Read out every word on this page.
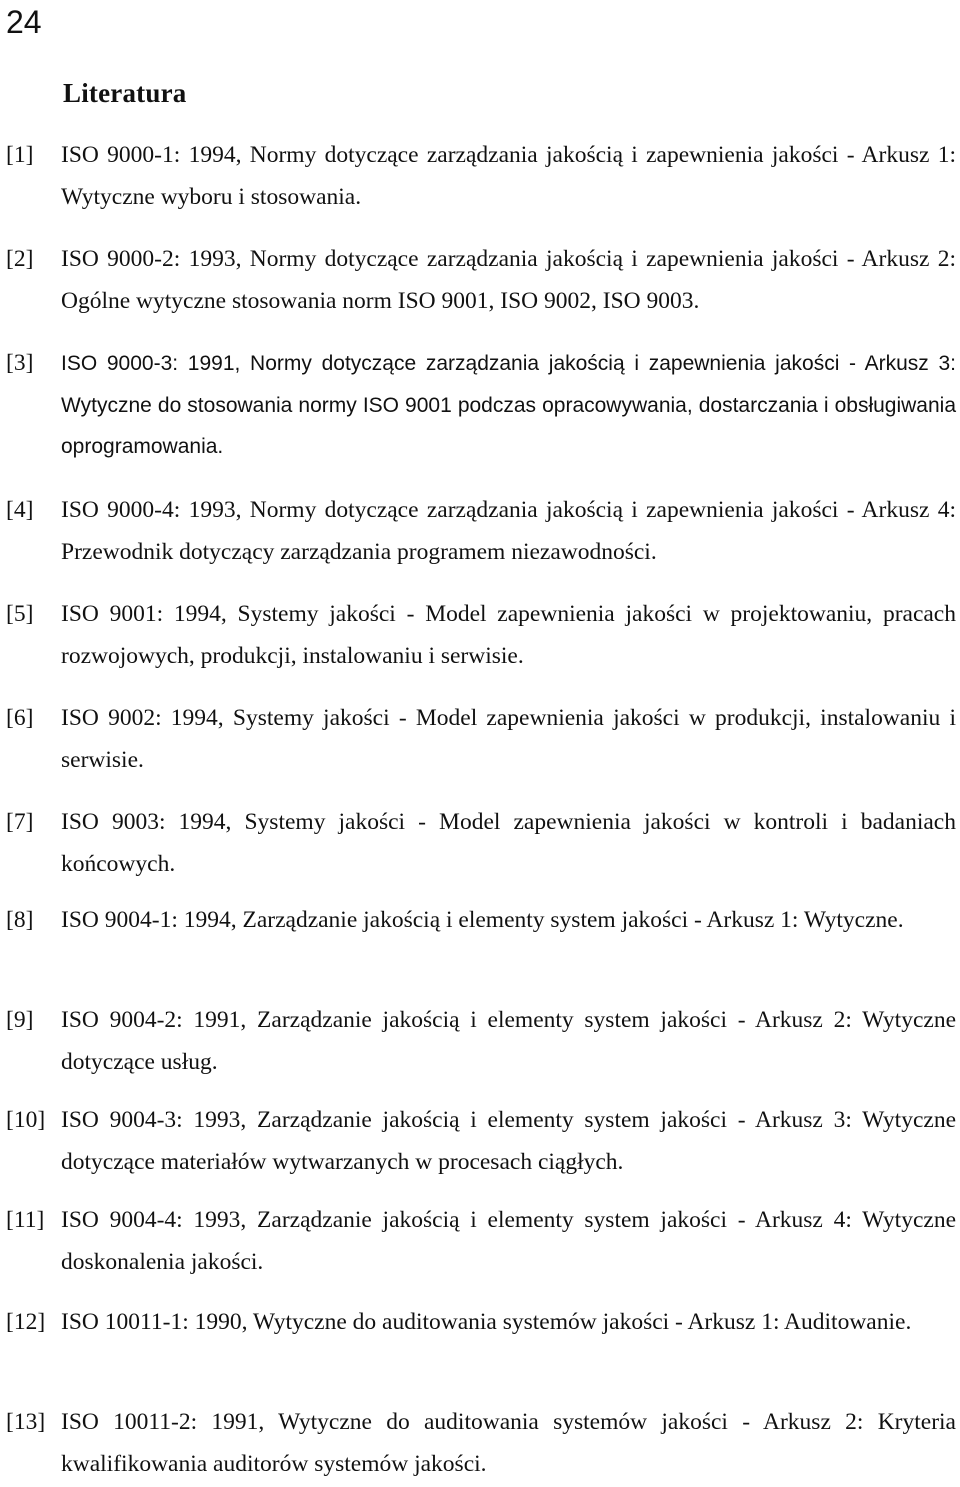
24
Literatura
[1] ISO 9000-1: 1994, Normy dotyczące zarządzania jakością i zapewnienia jakości - Arkusz 1: Wytyczne wyboru i stosowania.
[2] ISO 9000-2: 1993, Normy dotyczące zarządzania jakością i zapewnienia jakości - Arkusz 2: Ogólne wytyczne stosowania norm ISO 9001, ISO 9002, ISO 9003.
[3] ISO 9000-3: 1991, Normy dotyczące zarządzania jakością i zapewnienia jakości - Arkusz 3: Wytyczne do stosowania normy ISO 9001 podczas opracowywania, dostarczania i obsługiwania oprogramowania.
[4] ISO 9000-4: 1993, Normy dotyczące zarządzania jakością i zapewnienia jakości - Arkusz 4: Przewodnik dotyczący zarządzania programem niezawodności.
[5] ISO 9001: 1994, Systemy jakości - Model zapewnienia jakości w projektowaniu, pracach rozwojowych, produkcji, instalowaniu i serwisie.
[6] ISO 9002: 1994, Systemy jakości - Model zapewnienia jakości w produkcji, instalowaniu i serwisie.
[7] ISO 9003: 1994, Systemy jakości - Model zapewnienia jakości w kontroli i badaniach końcowych.
[8] ISO 9004-1: 1994, Zarządzanie jakością i elementy system jakości - Arkusz 1: Wytyczne.
[9] ISO 9004-2: 1991, Zarządzanie jakością i elementy system jakości - Arkusz 2: Wytyczne dotyczące usług.
[10] ISO 9004-3: 1993, Zarządzanie jakością i elementy system jakości - Arkusz 3: Wytyczne dotyczące materiałów wytwarzanych w procesach ciągłych.
[11] ISO 9004-4: 1993, Zarządzanie jakością i elementy system jakości - Arkusz 4: Wytyczne doskonalenia jakości.
[12] ISO 10011-1: 1990, Wytyczne do auditowania systemów jakości - Arkusz 1: Auditowanie.
[13] ISO 10011-2: 1991, Wytyczne do auditowania systemów jakości - Arkusz 2: Kryteria kwalifikowania auditorów systemów jakości.
